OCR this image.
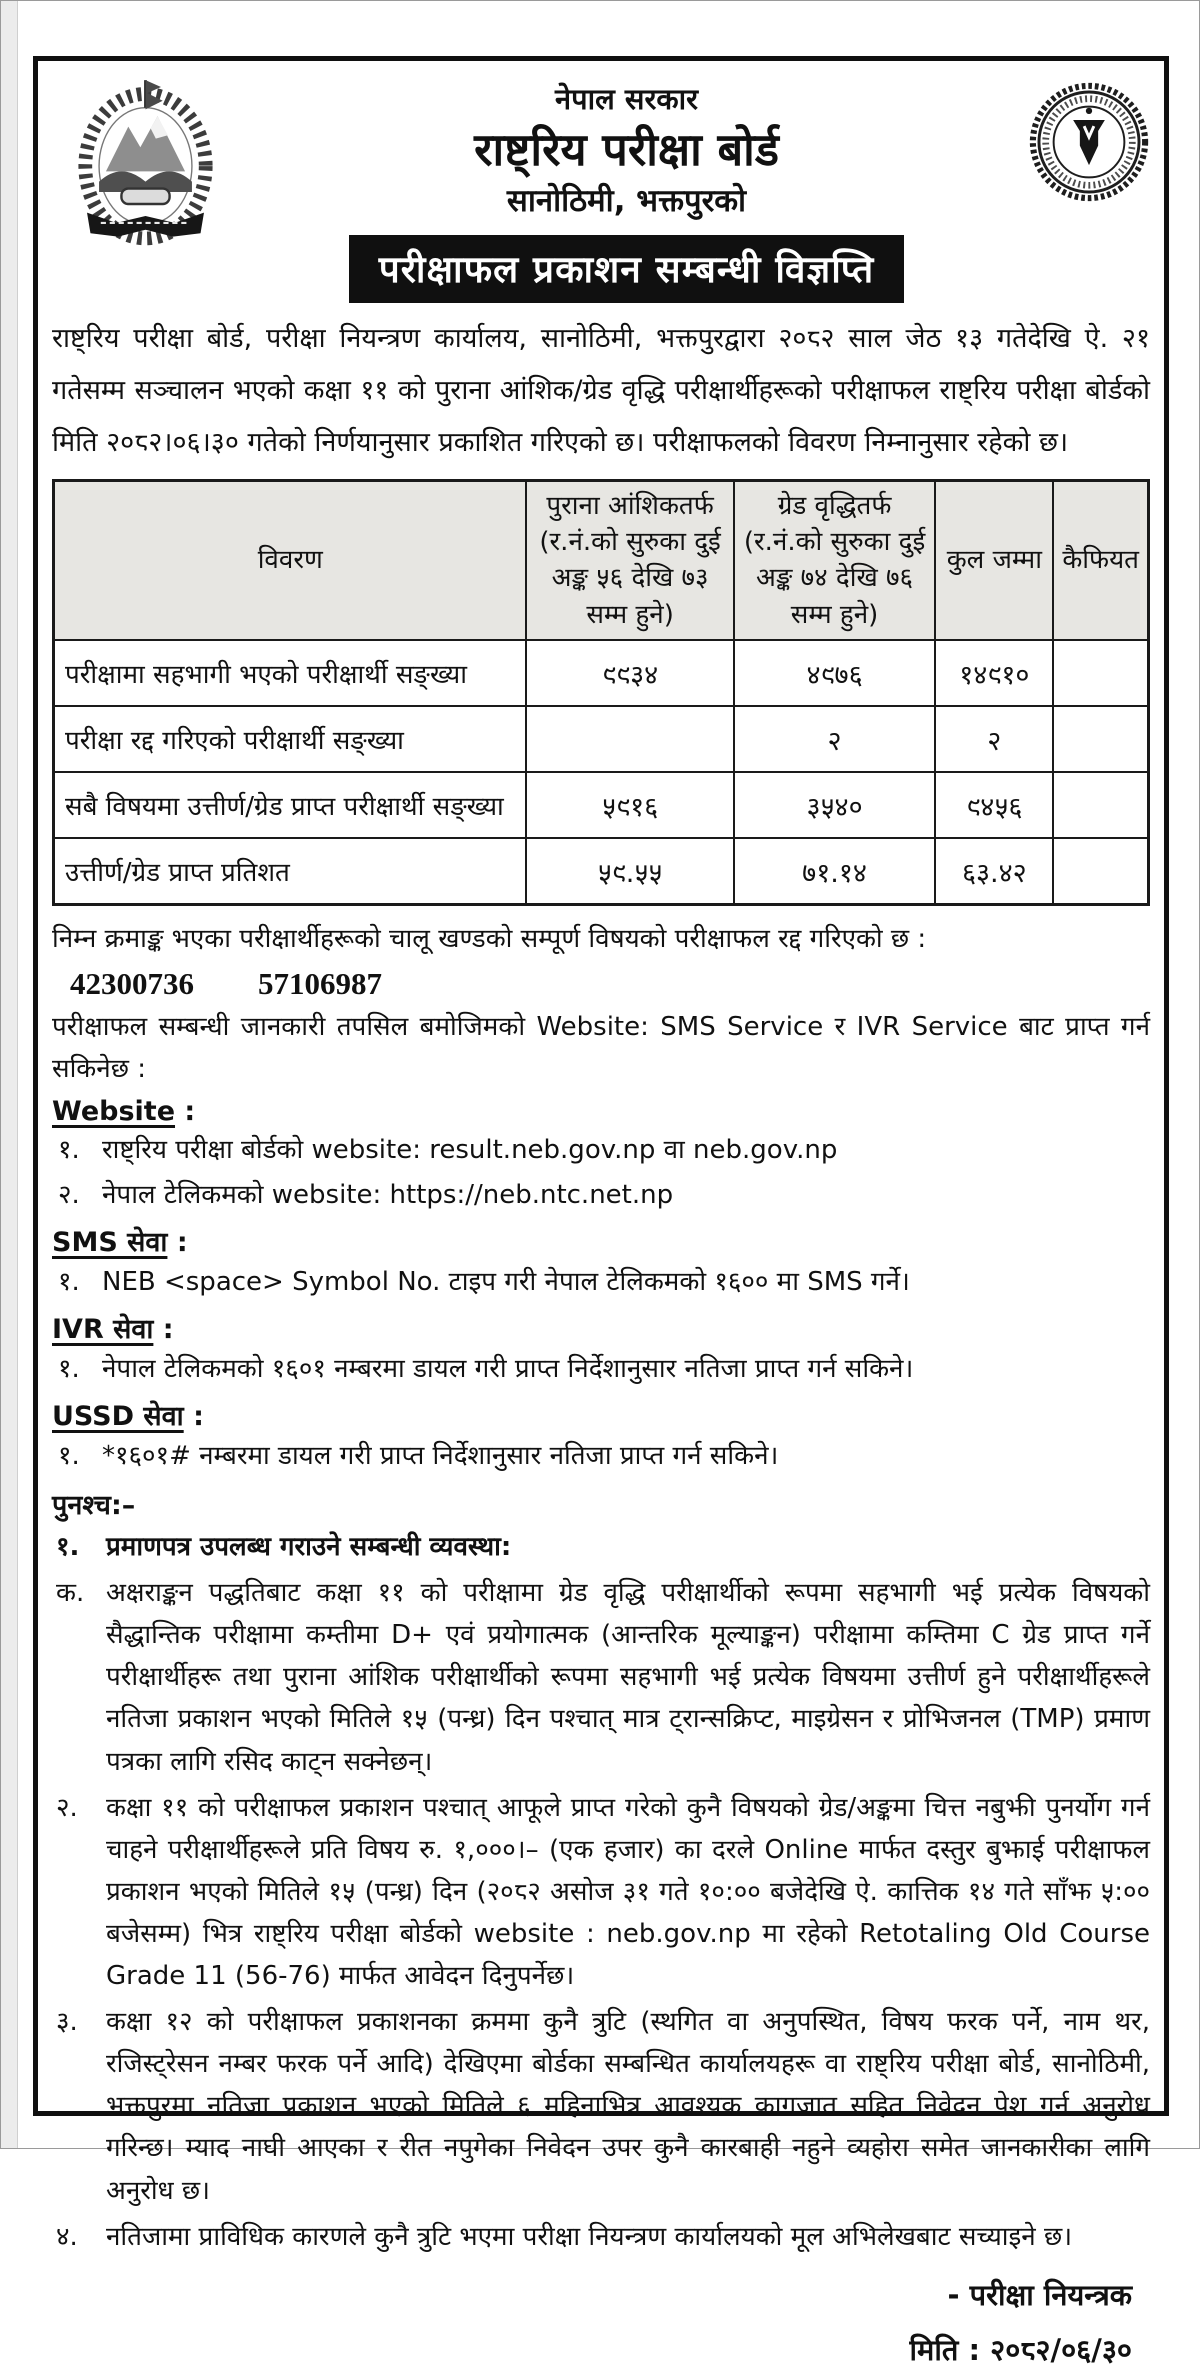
नेपाल सरकार
राष्ट्रिय परीक्षा बोर्ड
सानोठिमी, भक्तपुरको
परीक्षाफल प्रकाशन सम्बन्धी विज्ञप्ति
राष्ट्रिय परीक्षा बोर्ड, परीक्षा नियन्त्रण कार्यालय, सानोठिमी, भक्तपुरद्वारा २०८२ साल जेठ १३ गतेदेखि ऐ. २१ गतेसम्म सञ्चालन भएको कक्षा ११ को पुराना आंशिक/ग्रेड वृद्धि परीक्षार्थीहरूको परीक्षाफल राष्ट्रिय परीक्षा बोर्डको मिति २०८२।०६।३० गतेको निर्णयानुसार प्रकाशित गरिएको छ। परीक्षाफलको विवरण निम्नानुसार रहेको छ।
विवरण	पुराना आंशिकतर्फ (र.नं.को सुरुका दुई अङ्क ५६ देखि ७३ सम्म हुने)	ग्रेड वृद्धितर्फ (र.नं.को सुरुका दुई अङ्क ७४ देखि ७६ सम्म हुने)	कुल जम्मा	कैफियत
परीक्षामा सहभागी भएको परीक्षार्थी सङ्ख्या	९९३४	४९७६	१४९१०	
परीक्षा रद्द गरिएको परीक्षार्थी सङ्ख्या		२	२	
सबै विषयमा उत्तीर्ण/ग्रेड प्राप्त परीक्षार्थी सङ्ख्या	५९१६	३५४०	९४५६	
उत्तीर्ण/ग्रेड प्राप्त प्रतिशत	५९.५५	७१.१४	६३.४२	
निम्न क्रमाङ्क भएका परीक्षार्थीहरूको चालू खण्डको सम्पूर्ण विषयको परीक्षाफल रद्द गरिएको छ :
42300736 57106987
परीक्षाफल सम्बन्धी जानकारी तपसिल बमोजिमको Website: SMS Service र IVR Service बाट प्राप्त गर्न सकिनेछ :
Website :
१. राष्ट्रिय परीक्षा बोर्डको website: result.neb.gov.np वा neb.gov.np
२. नेपाल टेलिकमको website: https://neb.ntc.net.np
SMS सेवा :
१. NEB <space> Symbol No. टाइप गरी नेपाल टेलिकमको १६०० मा SMS गर्ने।
IVR सेवा :
१. नेपाल टेलिकमको १६०१ नम्बरमा डायल गरी प्राप्त निर्देशानुसार नतिजा प्राप्त गर्न सकिने।
USSD सेवा :
१. *१६०१# नम्बरमा डायल गरी प्राप्त निर्देशानुसार नतिजा प्राप्त गर्न सकिने।
पुनश्च:–
१.	प्रमाणपत्र उपलब्ध गराउने सम्बन्धी व्यवस्था:
क. अक्षराङ्कन पद्धतिबाट कक्षा ११ को परीक्षामा ग्रेड वृद्धि परीक्षार्थीको रूपमा सहभागी भई प्रत्येक विषयको सैद्धान्तिक परीक्षामा कम्तीमा D+ एवं प्रयोगात्मक (आन्तरिक मूल्याङ्कन) परीक्षामा कम्तिमा C ग्रेड प्राप्त गर्ने परीक्षार्थीहरू तथा पुराना आंशिक परीक्षार्थीको रूपमा सहभागी भई प्रत्येक विषयमा उत्तीर्ण हुने परीक्षार्थीहरूले नतिजा प्रकाशन भएको मितिले १५ (पन्ध्र) दिन पश्चात् मात्र ट्रान्सक्रिप्ट, माइग्रेसन र प्रोभिजनल (TMP) प्रमाण पत्रका लागि रसिद काट्न सक्नेछन्।
२.	कक्षा ११ को परीक्षाफल प्रकाशन पश्चात् आफूले प्राप्त गरेको कुनै विषयको ग्रेड/अङ्कमा चित्त नबुझी पुनर्योग गर्न चाहने परीक्षार्थीहरूले प्रति विषय रु. १,०००।– (एक हजार) का दरले Online मार्फत दस्तुर बुझाई परीक्षाफल प्रकाशन भएको मितिले १५ (पन्ध्र) दिन (२०८२ असोज ३१ गते १०:०० बजेदेखि ऐ. कात्तिक १४ गते साँझ ५:०० बजेसम्म) भित्र राष्ट्रिय परीक्षा बोर्डको website : neb.gov.np मा रहेको Retotaling Old Course Grade 11 (56-76) मार्फत आवेदन दिनुपर्नेछ।
३.	कक्षा १२ को परीक्षाफल प्रकाशनका क्रममा कुनै त्रुटि (स्थगित वा अनुपस्थित, विषय फरक पर्ने, नाम थर, रजिस्ट्रेसन नम्बर फरक पर्ने आदि) देखिएमा बोर्डका सम्बन्धित कार्यालयहरू वा राष्ट्रिय परीक्षा बोर्ड, सानोठिमी, भक्तपुरमा नतिजा प्रकाशन भएको मितिले ६ महिनाभित्र आवश्यक कागजात सहित निवेदन पेश गर्न अनुरोध गरिन्छ। म्याद नाघी आएका र रीत नपुगेका निवेदन उपर कुनै कारबाही नहुने व्यहोरा समेत जानकारीका लागि अनुरोध छ।
४.	नतिजामा प्राविधिक कारणले कुनै त्रुटि भएमा परीक्षा नियन्त्रण कार्यालयको मूल अभिलेखबाट सच्याइने छ।
- परीक्षा नियन्त्रक
मिति : २०८२/०६/३०
